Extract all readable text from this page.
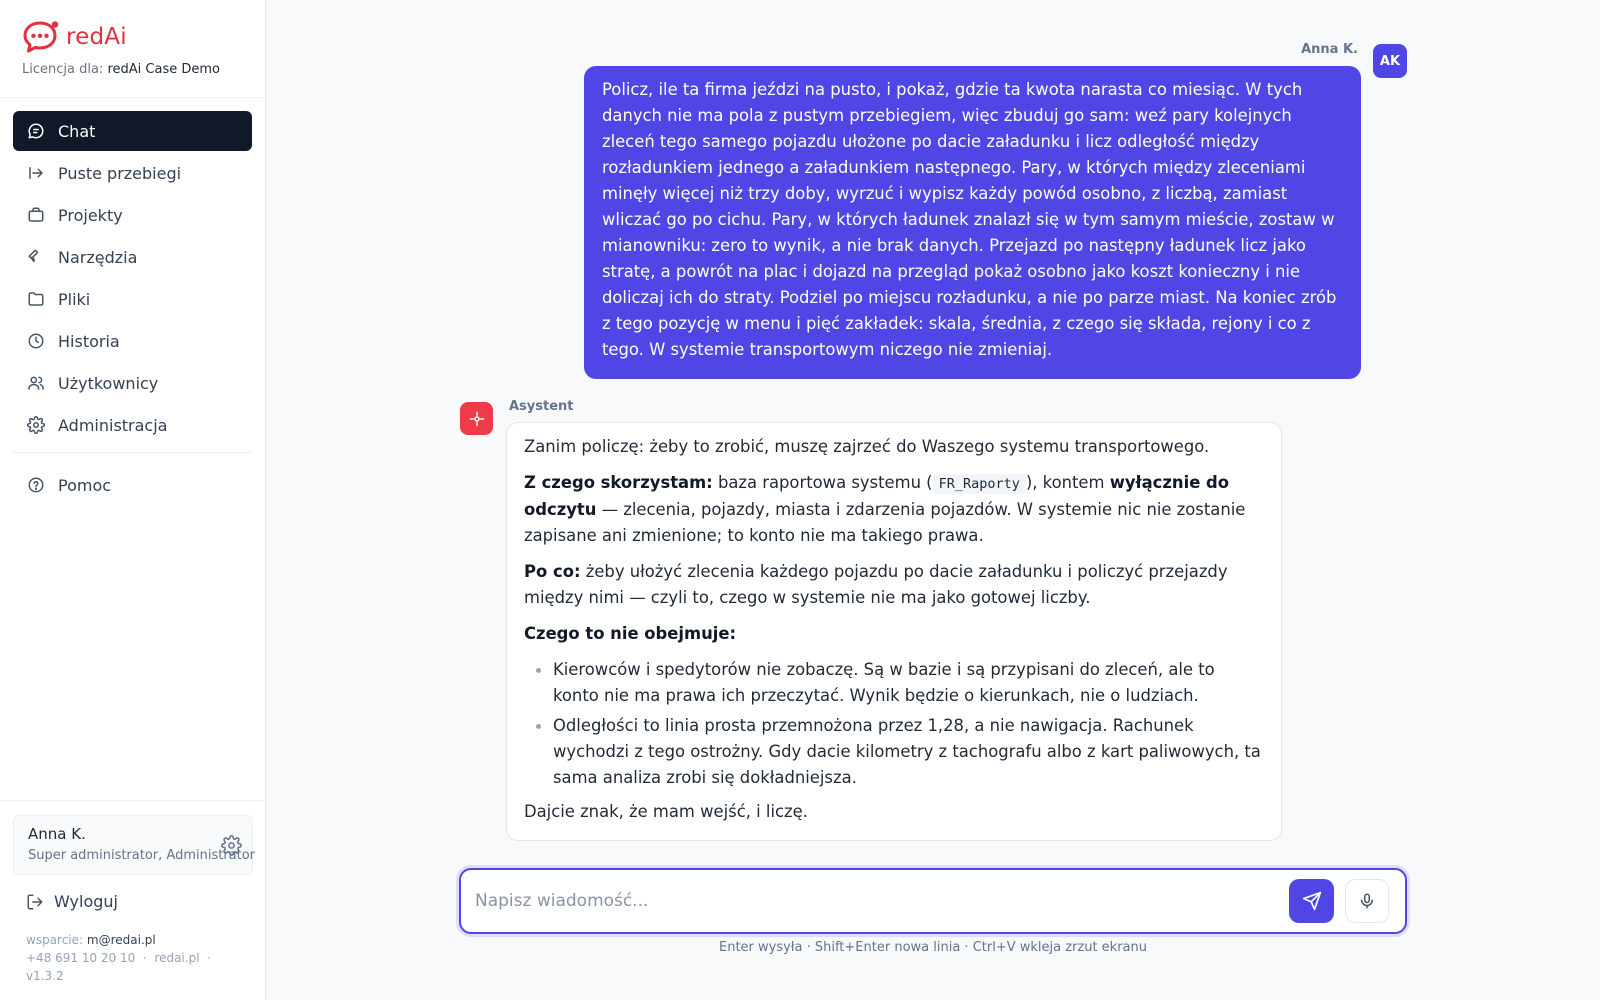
redAi
Licencja dla: redAi Case Demo
Chat
Puste przebiegi
Projekty
Narzędzia
Pliki
Historia
Użytkownicy
Administracja
Pomoc
Anna K.
Super administrator, Administrator
Wyloguj
wsparcie: m@redai.pl
+48 691 10 20 10 · redai.pl ·
v1.3.2
Anna K.
AK
Policz, ile ta firma jeździ na pusto, i pokaż, gdzie ta kwota narasta co miesiąc. W tych danych nie ma pola z pustym przebiegiem, więc zbuduj go sam: weź pary kolejnych zleceń tego samego pojazdu ułożone po dacie załadunku i licz odległość między rozładunkiem jednego a załadunkiem następnego. Pary, w których między zleceniami minęły więcej niż trzy doby, wyrzuć i wypisz każdy powód osobno, z liczbą, zamiast wliczać go po cichu. Pary, w których ładunek znalazł się w tym samym mieście, zostaw w mianowniku: zero to wynik, a nie brak danych. Przejazd po następny ładunek licz jako stratę, a powrót na plac i dojazd na przegląd pokaż osobno jako koszt konieczny i nie doliczaj ich do straty. Podziel po miejscu rozładunku, a nie po parze miast. Na koniec zrób z tego pozycję w menu i pięć zakładek: skala, średnia, z czego się składa, rejony i co z tego. W systemie transportowym niczego nie zmieniaj.
Asystent

Zanim policzę: żeby to zrobić, muszę zajrzeć do Waszego systemu transportowego.

Z czego skorzystam: baza raportowa systemu ( FR_Raporty ), kontem wyłącznie do odczytu — zlecenia, pojazdy, miasta i zdarzenia pojazdów. W systemie nic nie zostanie zapisane ani zmienione; to konto nie ma takiego prawa.

Po co: żeby ułożyć zlecenia każdego pojazdu po dacie załadunku i policzyć przejazdy między nimi — czyli to, czego w systemie nie ma jako gotowej liczby.

Czego to nie obejmuje:

Kierowców i spedytorów nie zobaczę. Są w bazie i są przypisani do zleceń, ale to konto nie ma prawa ich przeczytać. Wynik będzie o kierunkach, nie o ludziach.
Odległości to linia prosta przemnożona przez 1,28, a nie nawigacja. Rachunek wychodzi z tego ostrożny. Gdy dacie kilometry z tachografu albo z kart paliwowych, ta sama analiza zrobi się dokładniejsza.

Dajcie znak, że mam wejść, i liczę.

Napisz wiadomość...
Enter wysyła · Shift+Enter nowa linia · Ctrl+V wkleja zrzut ekranu
